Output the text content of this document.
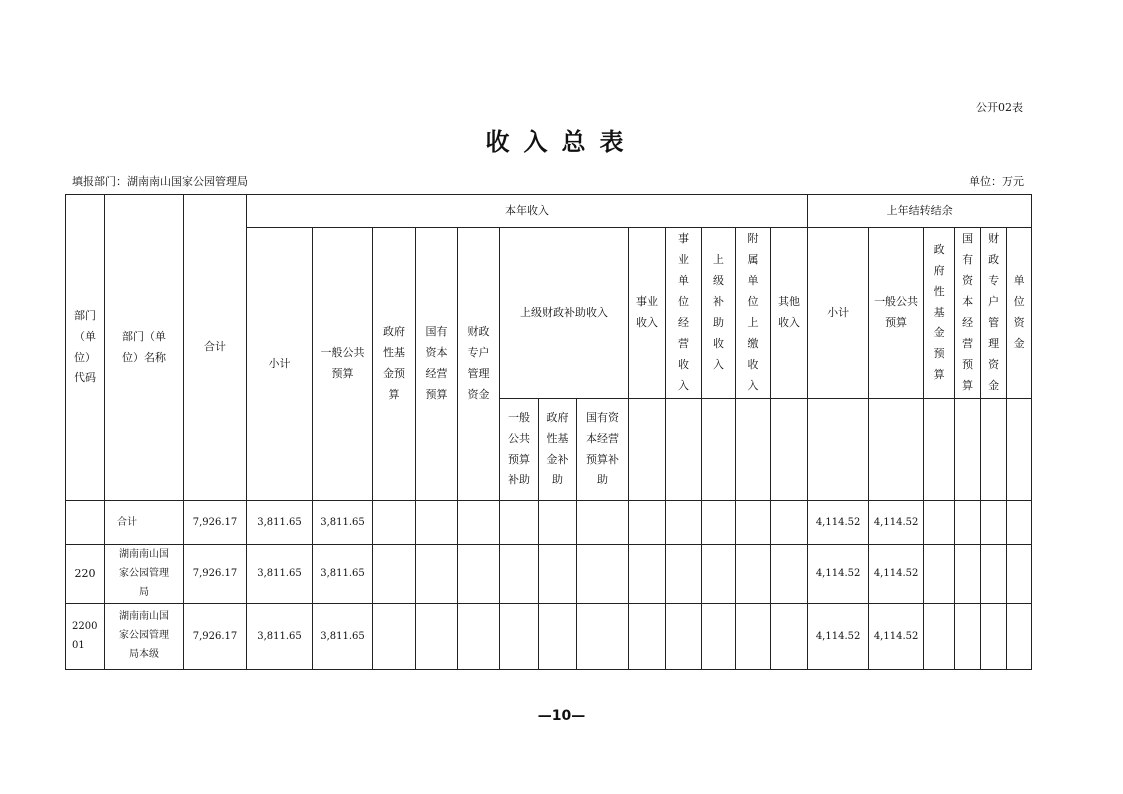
公开02表
收入总表
填报部门：湖南南山国家公园管理局	单位：万元
部门（单位）代码	部门（单位）名称	合计	本年收入													上年结转结余					
			小计	一般公共预算	政府性基金预算	国有资本经营预算	财政专户管理资金	上级财政补助收入			事业收入	事业单位经营收入	上级补助收入	附属单位上缴收入	其他收入	小计	一般公共预算	政府性基金预算	国有资本经营预算	财政专户管理资金	单位资金
								一般公共预算补助	政府性基金补助	国有资本经营预算补助											
	合计	7,926.17	3,811.65	3,811.65												4,114.52	4,114.52				
220	湖南南山国家公园管理局	7,926.17	3,811.65	3,811.65												4,114.52	4,114.52				
220001	湖南南山国家公园管理局本级	7,926.17	3,811.65	3,811.65												4,114.52	4,114.52				
—10—
